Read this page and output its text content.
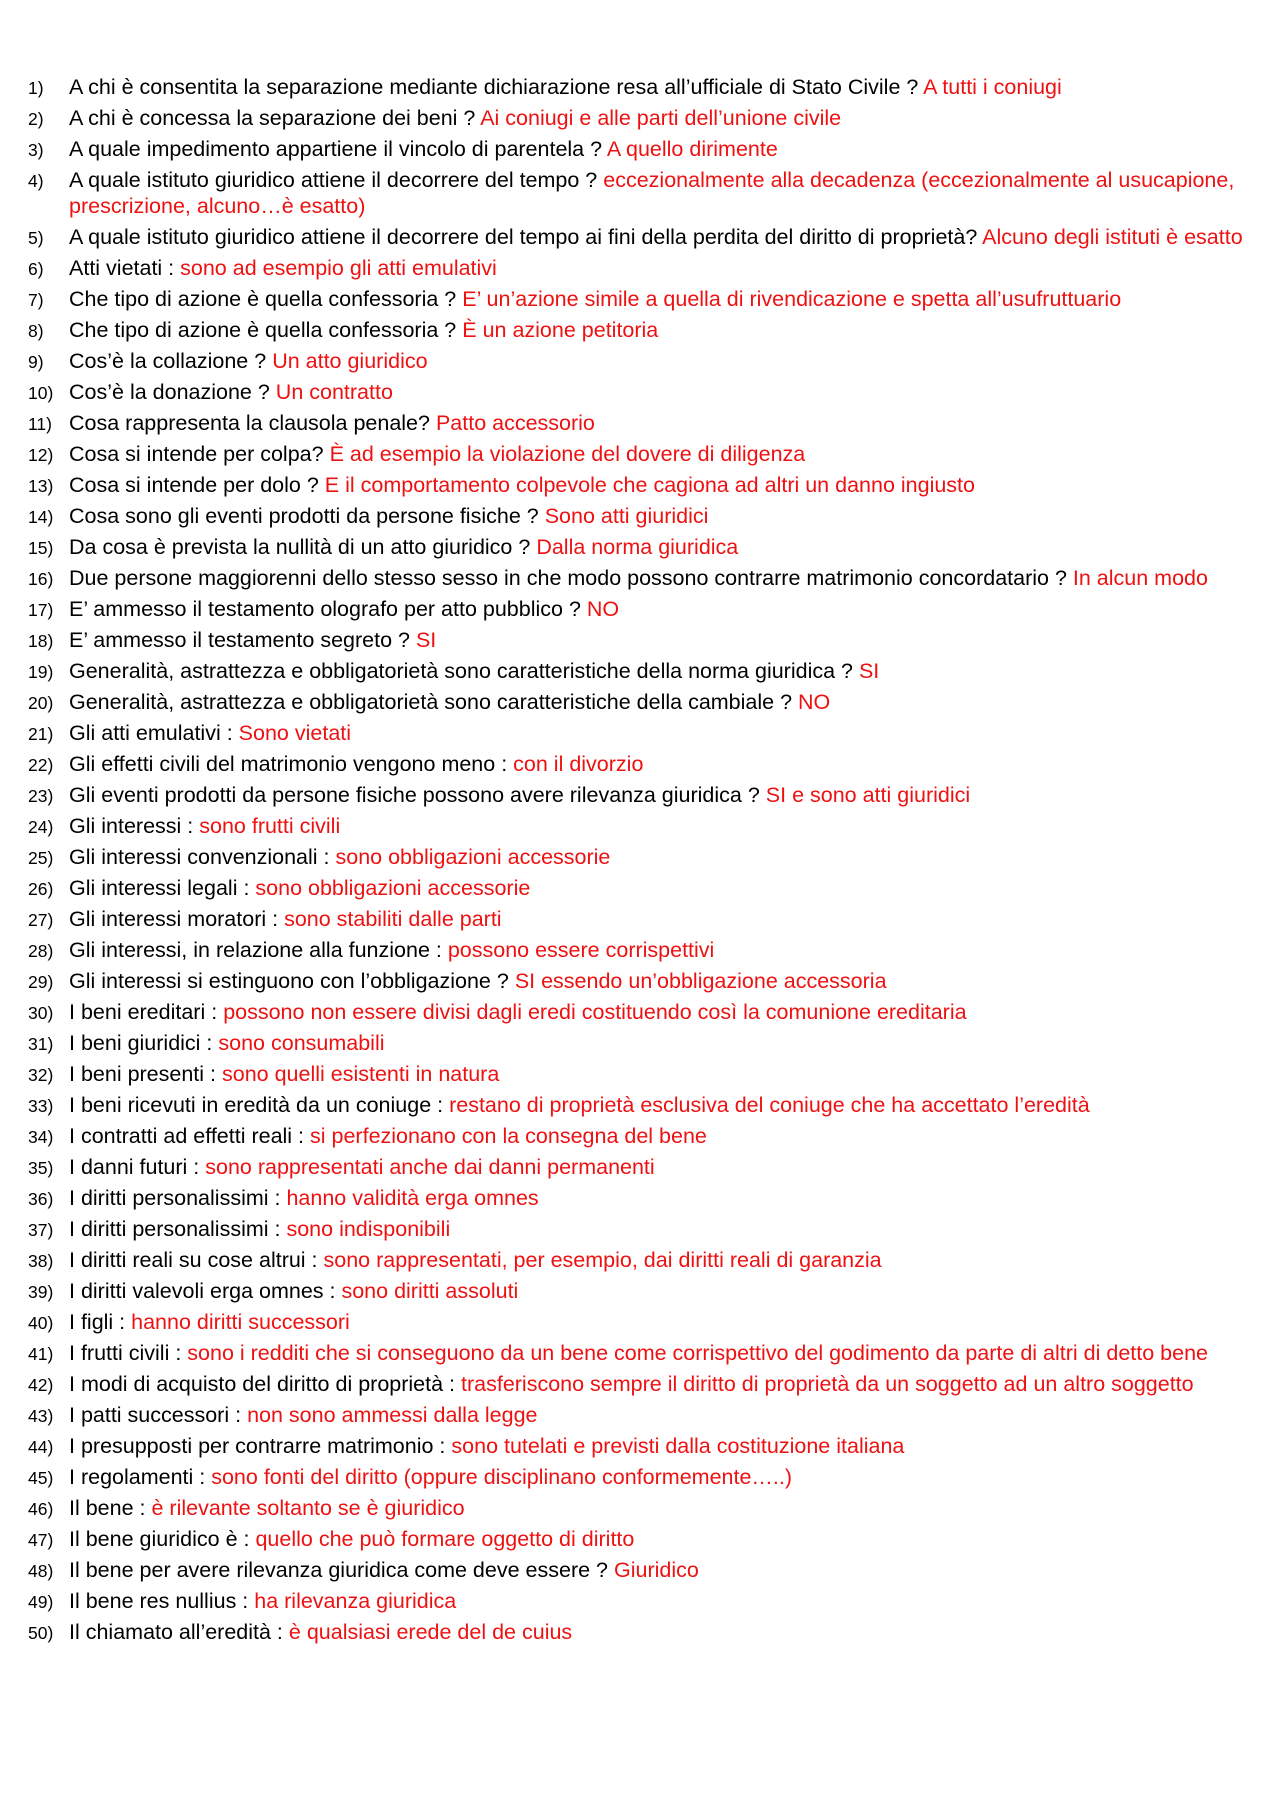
1)	A chi è consentita la separazione mediante dichiarazione resa all’ufficiale di Stato Civile ? A tutti i coniugi
2)	A chi è concessa la separazione dei beni ? Ai coniugi e alle parti dell’unione civile
3)	A quale impedimento appartiene il vincolo di parentela ? A quello dirimente
4)	A quale istituto giuridico attiene il decorrere del tempo ? eccezionalmente alla decadenza (eccezionalmente al usucapione, prescrizione, alcuno…è esatto)
5)	A quale istituto giuridico attiene il decorrere del tempo ai fini della perdita del diritto di proprietà? Alcuno degli istituti è esatto
6)	Atti vietati : sono ad esempio gli atti emulativi
7)	Che tipo di azione è quella confessoria ? E’ un’azione simile a quella di rivendicazione e spetta all’usufruttuario
8)	Che tipo di azione è quella confessoria ? È un azione petitoria
9)	Cos’è la collazione ? Un atto giuridico
10) Cos’è la donazione ? Un contratto
11) Cosa rappresenta la clausola penale? Patto accessorio
12) Cosa si intende per colpa? È ad esempio la violazione del dovere di diligenza
13) Cosa si intende per dolo ? E il comportamento colpevole che cagiona ad altri un danno ingiusto
14) Cosa sono gli eventi prodotti da persone fisiche ? Sono atti giuridici
15) Da cosa è prevista la nullità di un atto giuridico ? Dalla norma giuridica
16) Due persone maggiorenni dello stesso sesso in che modo possono contrarre matrimonio concordatario ? In alcun modo
17) E’ ammesso il testamento olografo per atto pubblico ? NO
18) E’ ammesso il testamento segreto ? SI
19) Generalità, astrattezza e obbligatorietà sono caratteristiche della norma giuridica ? SI
20) Generalità, astrattezza e obbligatorietà sono caratteristiche della cambiale ? NO
21) Gli atti emulativi : Sono vietati
22) Gli effetti civili del matrimonio vengono meno : con il divorzio
23) Gli eventi prodotti da persone fisiche possono avere rilevanza giuridica ? SI e sono atti giuridici
24) Gli interessi : sono frutti civili
25) Gli interessi convenzionali : sono obbligazioni accessorie
26) Gli interessi legali : sono obbligazioni accessorie
27) Gli interessi moratori : sono stabiliti dalle parti
28) Gli interessi, in relazione alla funzione : possono essere corrispettivi
29) Gli interessi si estinguono con l’obbligazione ? SI essendo un’obbligazione accessoria
30) I beni ereditari : possono non essere divisi dagli eredi costituendo così la comunione ereditaria
31) I beni giuridici : sono consumabili
32) I beni presenti : sono quelli esistenti in natura
33) I beni ricevuti in eredità da un coniuge : restano di proprietà esclusiva del coniuge che ha accettato l’eredità
34) I contratti ad effetti reali : si perfezionano con la consegna del bene
35) I danni futuri : sono rappresentati anche dai danni permanenti
36) I diritti personalissimi : hanno validità erga omnes
37) I diritti personalissimi : sono indisponibili
38) I diritti reali su cose altrui : sono rappresentati, per esempio, dai diritti reali di garanzia
39) I diritti valevoli erga omnes : sono diritti assoluti
40) I figli : hanno diritti successori
41) I frutti civili : sono i redditi che si conseguono da un bene come corrispettivo del godimento da parte di altri di detto bene
42) I modi di acquisto del diritto di proprietà : trasferiscono sempre il diritto di proprietà da un soggetto ad un altro soggetto
43) I patti successori : non sono ammessi dalla legge
44) I presupposti per contrarre matrimonio : sono tutelati e previsti dalla costituzione italiana
45) I regolamenti : sono fonti del diritto (oppure disciplinano conformemente…..)
46) Il bene : è rilevante soltanto se è giuridico
47) Il bene giuridico è : quello che può formare oggetto di diritto
48) Il bene per avere rilevanza giuridica come deve essere ? Giuridico
49) Il bene res nullius : ha rilevanza giuridica
50) Il chiamato all’eredità : è qualsiasi erede del de cuius
